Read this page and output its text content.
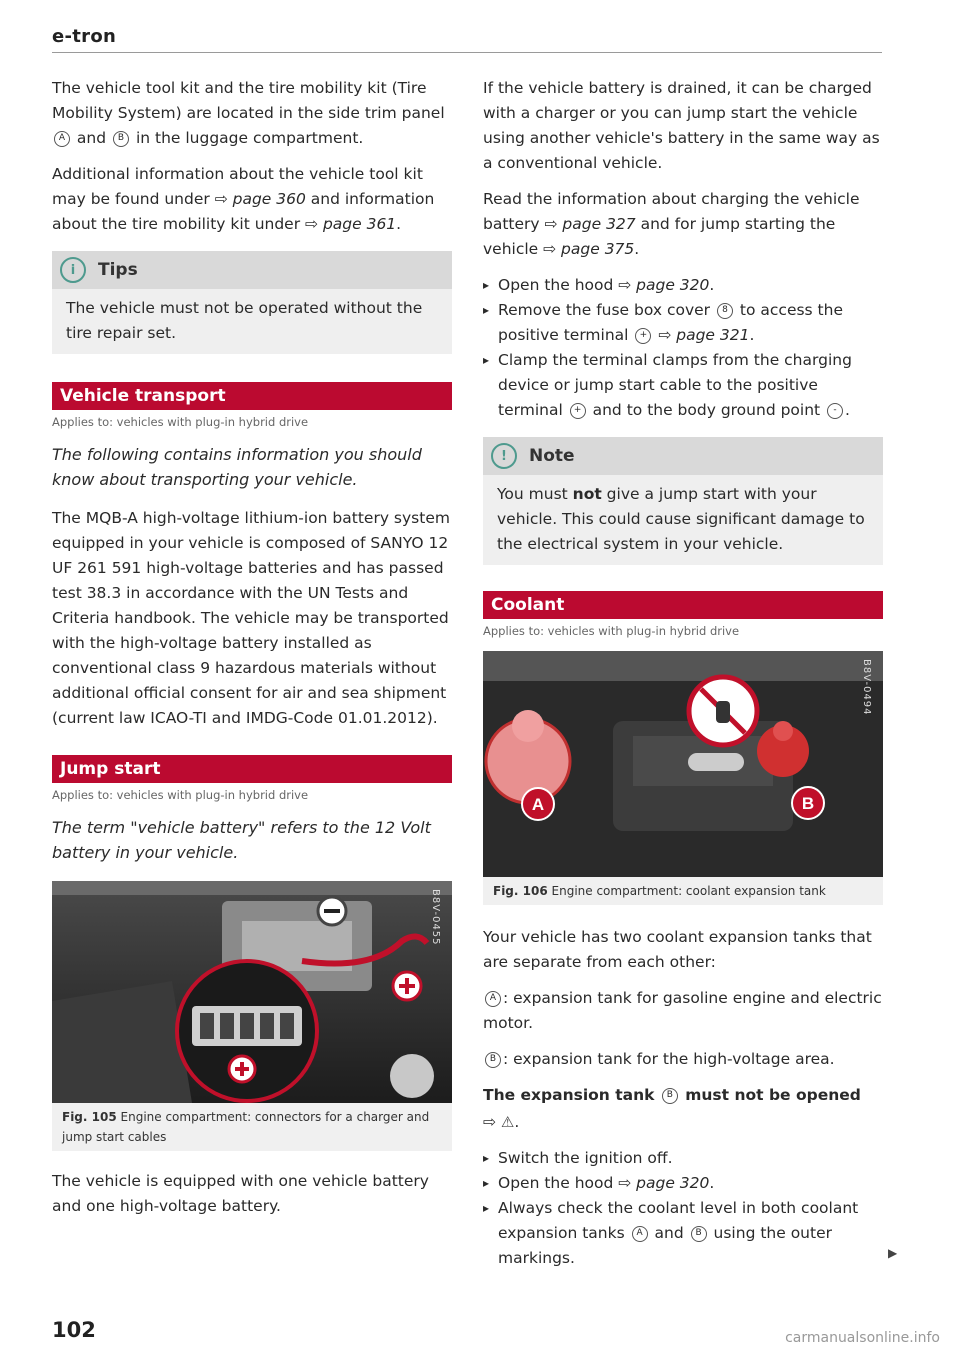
e-tron

The vehicle tool kit and the tire mobility kit (Tire Mobility System) are located in the side trim panel A and B in the luggage compartment.

Additional information about the vehicle tool kit may be found under ⇨ page 360 and information about the tire mobility kit under ⇨ page 361.

i	Tips
The vehicle must not be operated without the tire repair set.
Vehicle transport
Applies to: vehicles with plug-in hybrid drive

The following contains information you should know about transporting your vehicle.

The MQB-A high-voltage lithium-ion battery system equipped in your vehicle is composed of SANYO 12 UF 261 591 high-voltage batteries and has passed test 38.3 in accordance with the UN Tests and Criteria handbook. The vehicle may be transported with the high-voltage battery installed as conventional class 9 hazardous materials without additional official consent for air and sea shipment (current law ICAO-TI and IMDG-Code 01.01.2012).

Jump start
Applies to: vehicles with plug-in hybrid drive

The term "vehicle battery" refers to the 12 Volt battery in your vehicle.

B8V-0455
Fig. 105 Engine compartment: connectors for a charger and jump start cables

The vehicle is equipped with one vehicle battery and one high-voltage battery.

If the vehicle battery is drained, it can be charged with a charger or you can jump start the vehicle using another vehicle's battery in the same way as a conventional vehicle.

Read the information about charging the vehicle battery ⇨ page 327 and for jump starting the vehicle ⇨ page 375.

▸ Open the hood ⇨ page 320.
▸ Remove the fuse box cover 8 to access the positive terminal + ⇨ page 321.
▸ Clamp the terminal clamps from the charging device or jump start cable to the positive terminal + and to the body ground point - .
!	Note
You must not give a jump start with your vehicle. This could cause significant damage to the electrical system in your vehicle.
Coolant
Applies to: vehicles with plug-in hybrid drive
A	B
B8V-0494
Fig. 106 Engine compartment: coolant expansion tank

Your vehicle has two coolant expansion tanks that are separate from each other:

A : expansion tank for gasoline engine and electric motor.

B : expansion tank for the high-voltage area.

The expansion tank B must not be opened

⇨ ⚠.

▸ Switch the ignition off.
▸ Open the hood ⇨ page 320.
▸ Always check the coolant level in both coolant expansion tanks A and B using the outer markings.	▶
102	carmanualsonline.info
